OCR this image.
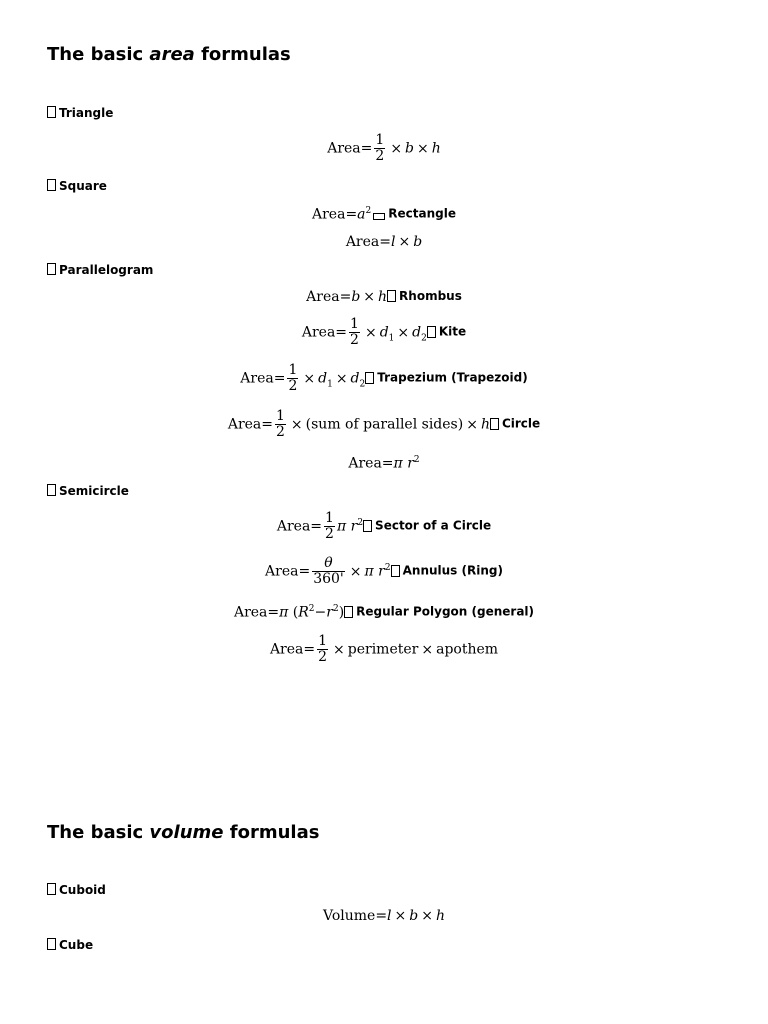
The basic area formulas
Triangle
Area= $\frac{1}{2} \times b \times h$
Square
$Area=a^2$ Rectangle
Area=l × b
Parallelogram
Area=b × h Rhombus
Area= $\frac{1}{2} \times d_1 \times d_2$ Kite
Area= $\frac{1}{2} \times d_1 \times d_2$ Trapezium (Trapezoid)
Area= $\frac{1}{2} \times (sum$ of parallel sides) × h Circle
Area=π $r^2$
Semicircle
Area= $\frac{1}{2}$ π $r^2$ Sector of a Circle
Area= $\frac{\theta}{360'} \times \pi$ $r^2$ Annulus (Ring)
Area=π $(R^2-r^2)$ Regular Polygon (general)
Area= $\frac{1}{2}$ × perimeter × apothem
The basic volume formulas
Cuboid
Volume=l × b × h
Cube
